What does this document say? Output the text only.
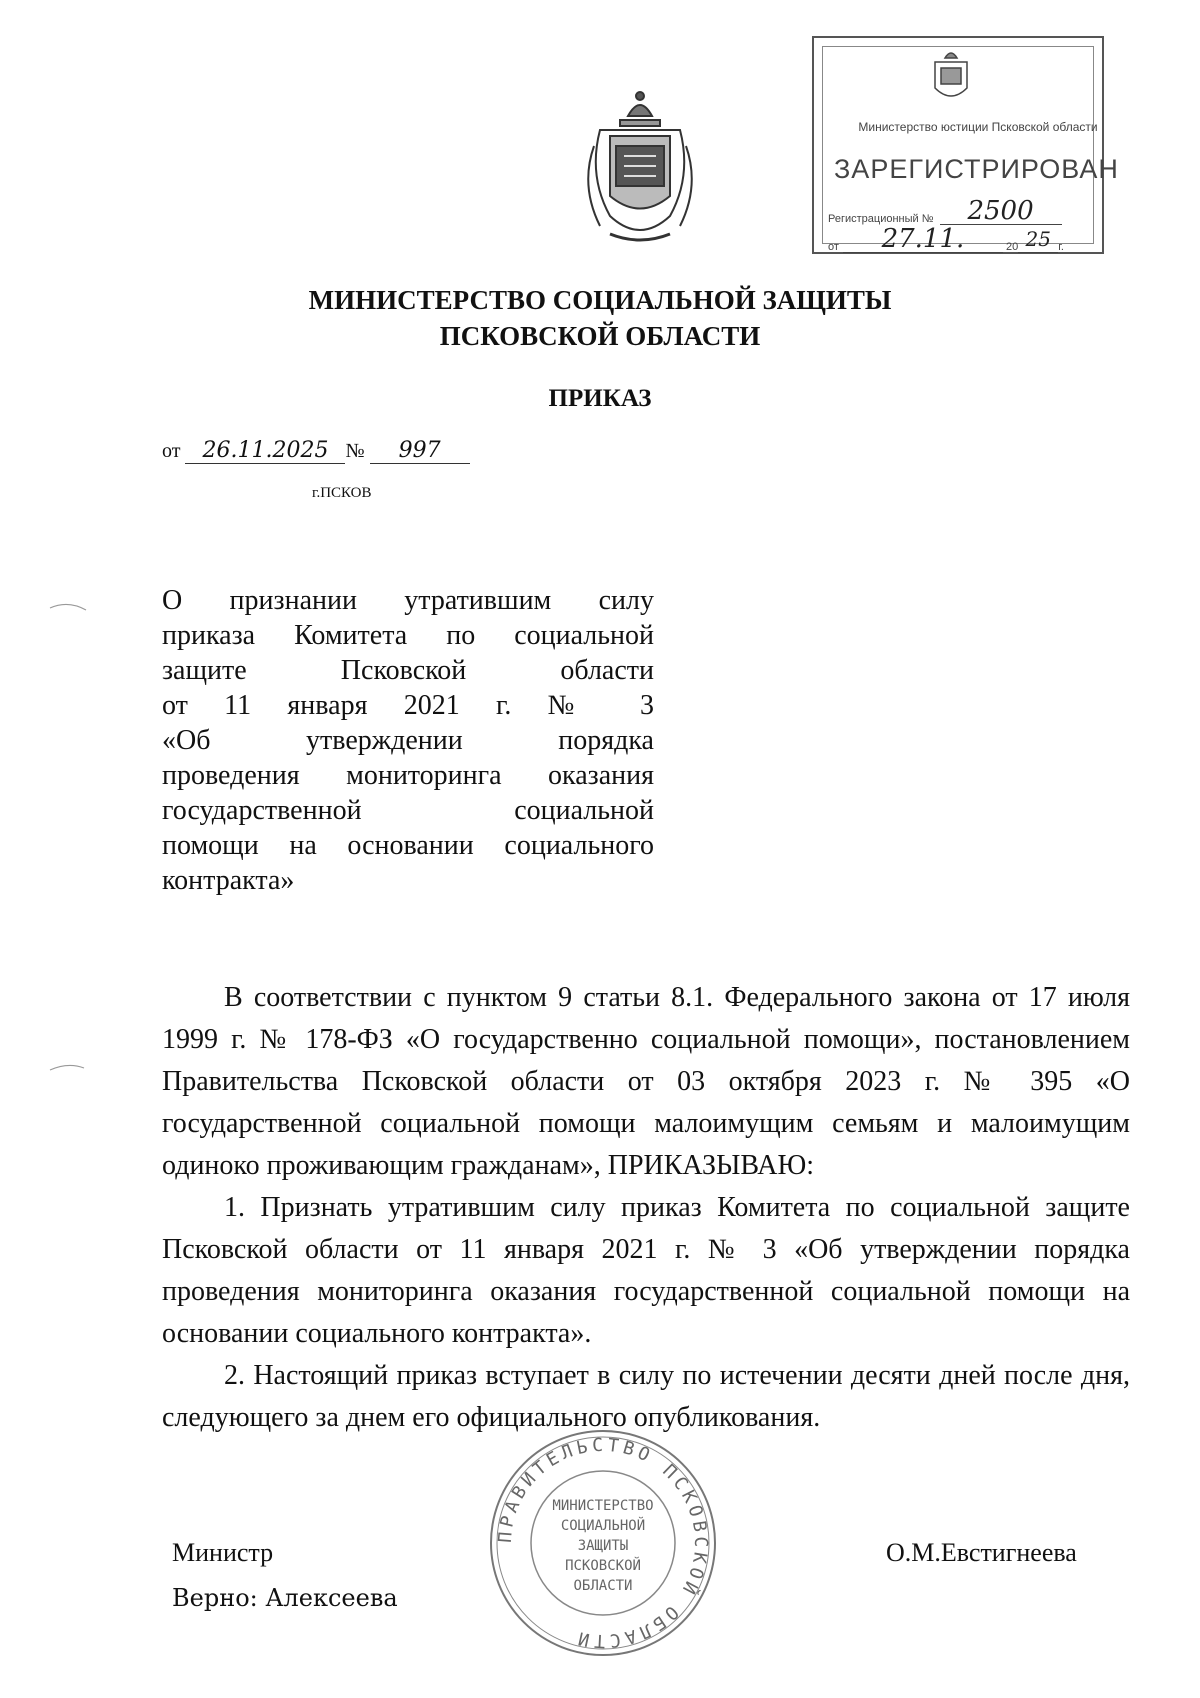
Министерство юстиции Псковской области
ЗАРЕГИСТРИРОВАН
Регистрационный № 2500
от 27.11.	20 25 г.
МИНИСТЕРСТВО СОЦИАЛЬНОЙ ЗАЩИТЫ
ПСКОВСКОЙ ОБЛАСТИ
ПРИКАЗ
от 26.11.2025 № 997
г.ПСКОВ
О признании утратившим силу
приказа Комитета по социальной
защите Псковской области
от 11 января 2021 г. № 3
«Об утверждении порядка
проведения мониторинга оказания
государственной социальной
помощи на основании социального
контракта»

В соответствии с пунктом 9 статьи 8.1. Федерального закона от 17 июля 1999 г. № 178-ФЗ «О государственно социальной помощи», постановлением Правительства Псковской области от 03 октября 2023 г. № 395 «О государственной социальной помощи малоимущим семьям и малоимущим одиноко проживающим гражданам», ПРИКАЗЫВАЮ:

1. Признать утратившим силу приказ Комитета по социальной защите Псковской области от 11 января 2021 г. № 3 «Об утверждении порядка проведения мониторинга оказания государственной социальной помощи на основании социального контракта».

2. Настоящий приказ вступает в силу по истечении десяти дней после дня, следующего за днем его официального опубликования.

ПРАВИТЕЛЬСТВО ПСКОВСКОЙ ОБЛАСТИ
МИНИСТЕРСТВО
СОЦИАЛЬНОЙ
ЗАЩИТЫ
ПСКОВСКОЙ
ОБЛАСТИ
Министр
Верно: Алексеева
О.М.Евстигнеева
